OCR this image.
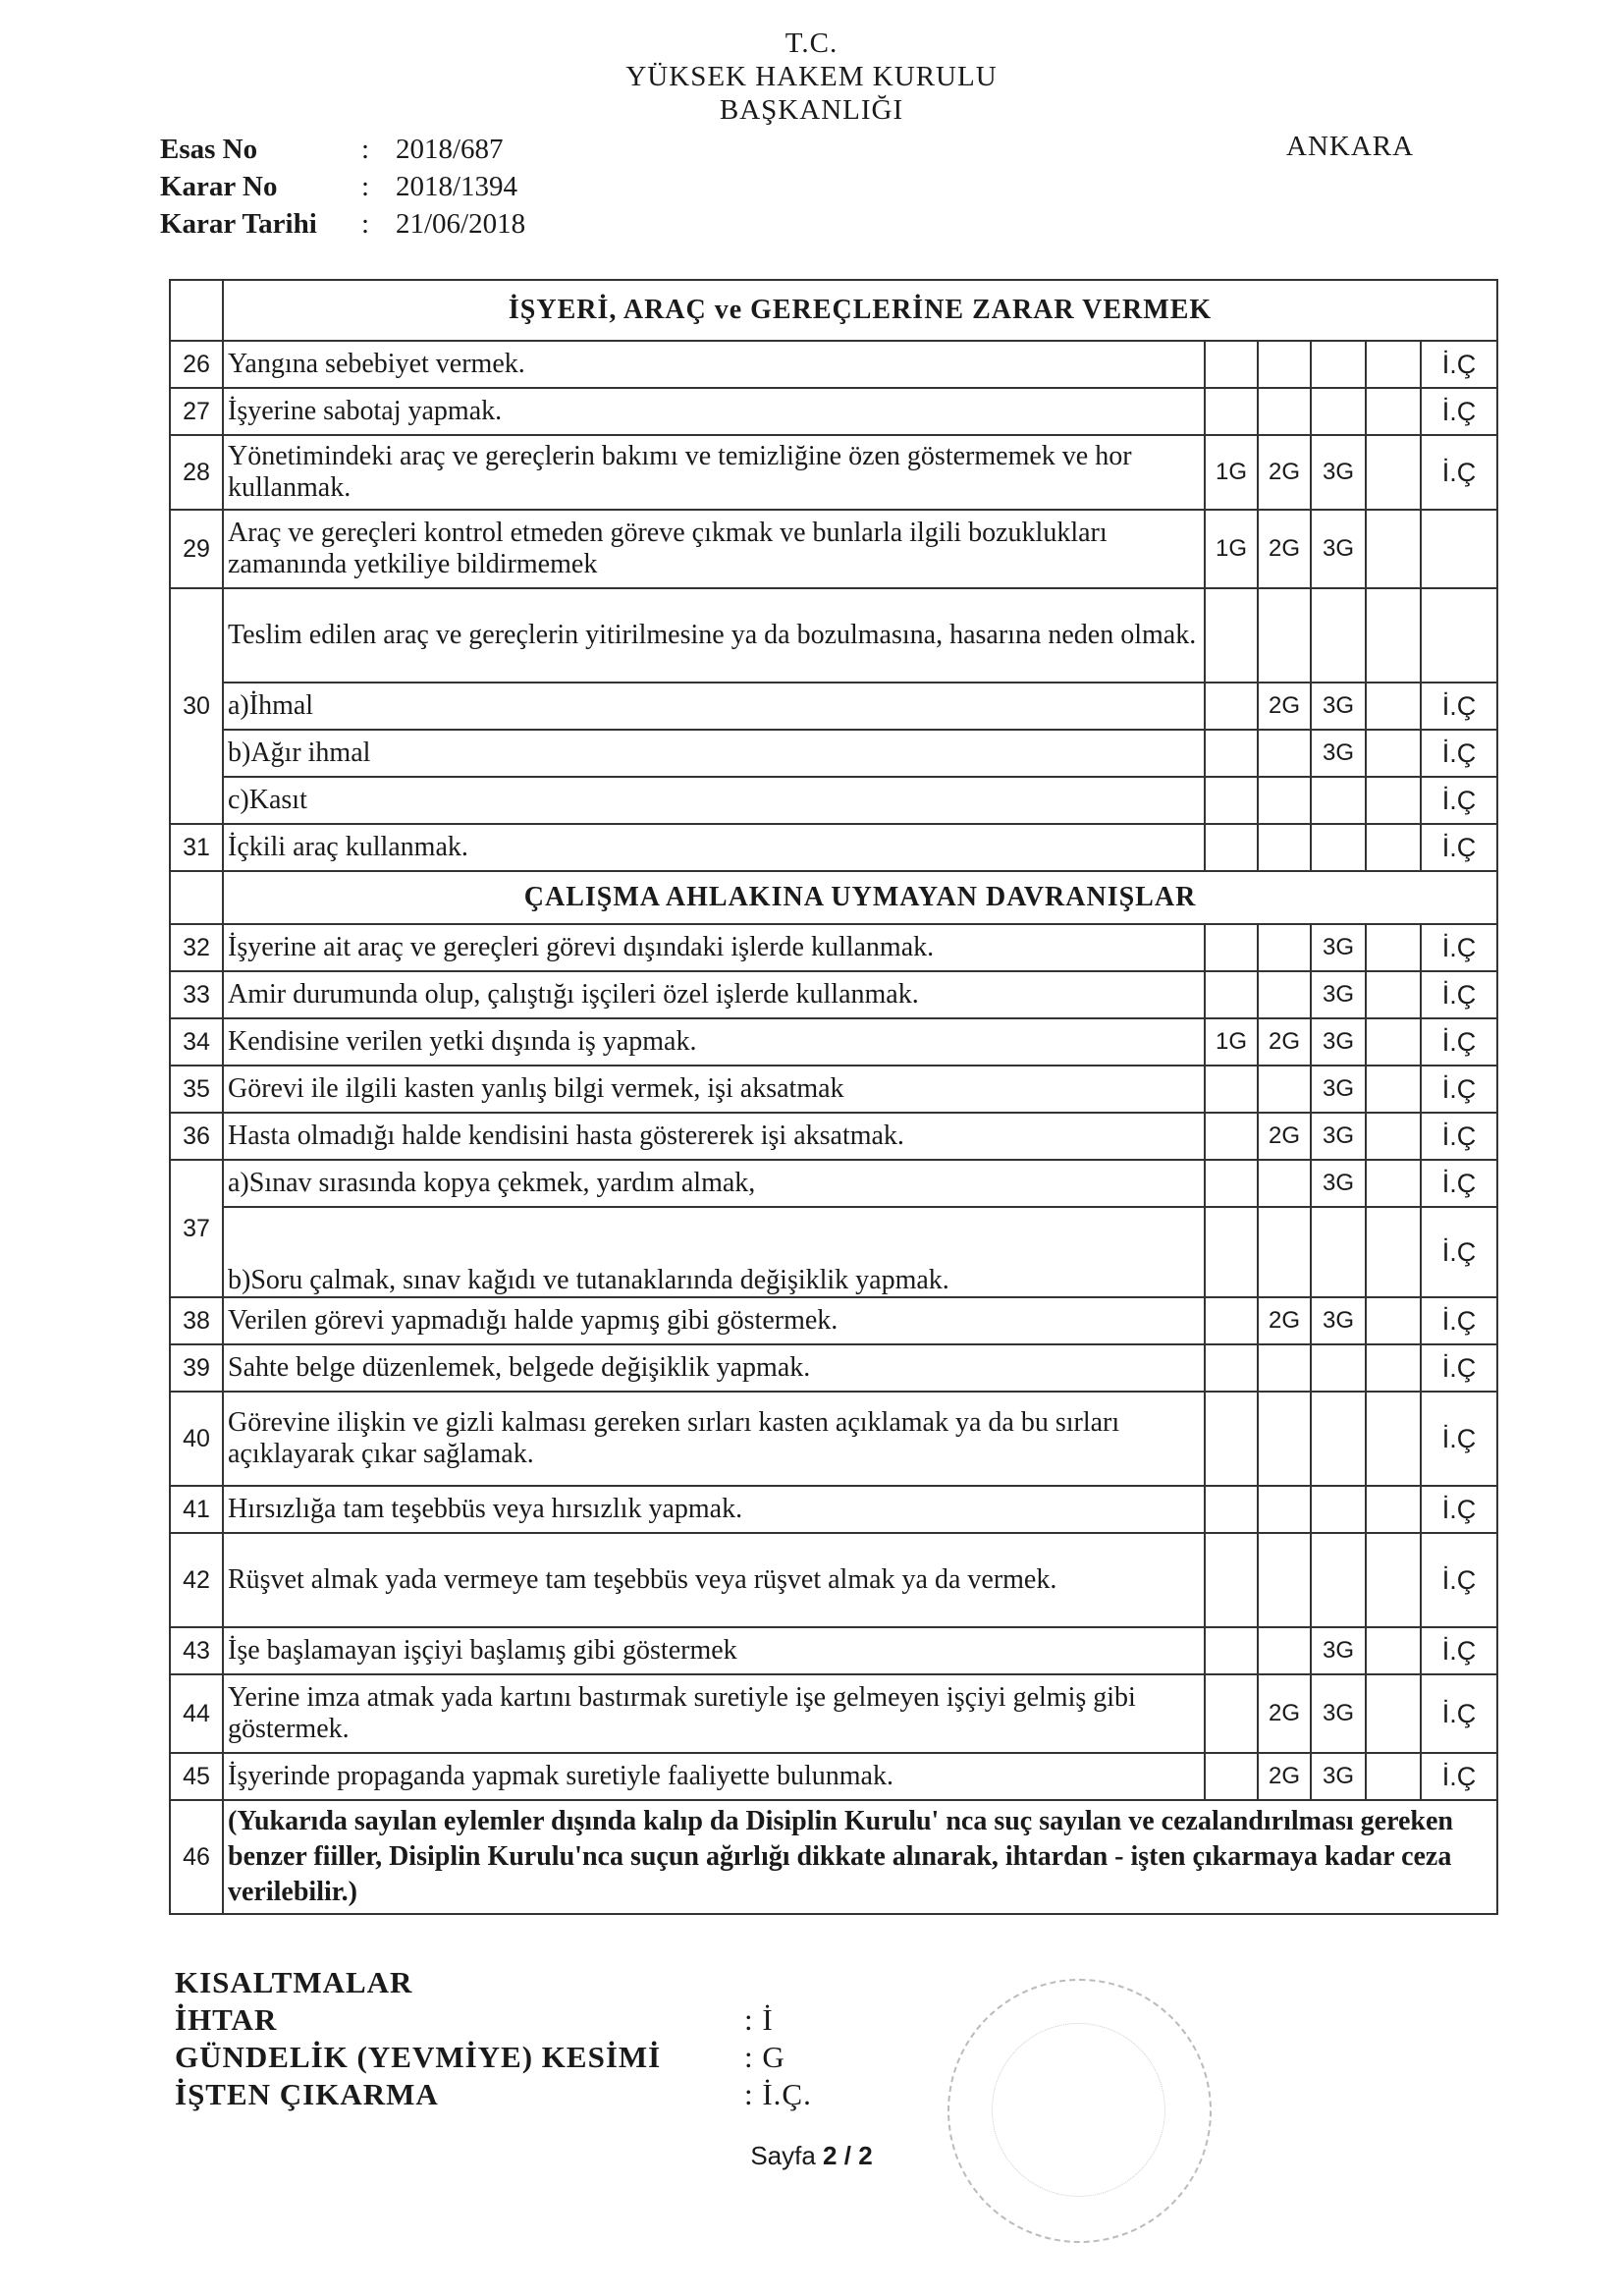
T.C.
YÜKSEK HAKEM KURULU
BAŞKANLIĞI
Esas No	: 2018/687
Karar No	: 2018/1394
Karar Tarihi	: 21/06/2018
ANKARA
	İŞYERİ, ARAÇ ve GEREÇLERİNE ZARAR VERMEK					
26	Yangına sebebiyet vermek.					İ.Ç
27	İşyerine sabotaj yapmak.					İ.Ç
28	Yönetimindeki araç ve gereçlerin bakımı ve temizliğine özen göstermemek ve hor kullanmak.	1G	2G	3G		İ.Ç
29	Araç ve gereçleri kontrol etmeden göreve çıkmak ve bunlarla ilgili bozuklukları zamanında yetkiliye bildirmemek	1G	2G	3G		
30	Teslim edilen araç ve gereçlerin yitirilmesine ya da bozulmasına, hasarına neden olmak.					
	a)İhmal		2G	3G		İ.Ç
	b)Ağır ihmal			3G		İ.Ç
	c)Kasıt					İ.Ç
31	İçkili araç kullanmak.					İ.Ç
	ÇALIŞMA AHLAKINA UYMAYAN DAVRANIŞLAR					
32	İşyerine ait araç ve gereçleri görevi dışındaki işlerde kullanmak.			3G		İ.Ç
33	Amir durumunda olup, çalıştığı işçileri özel işlerde kullanmak.			3G		İ.Ç
34	Kendisine verilen yetki dışında iş yapmak.	1G	2G	3G		İ.Ç
35	Görevi ile ilgili kasten yanlış bilgi vermek, işi aksatmak			3G		İ.Ç
36	Hasta olmadığı halde kendisini hasta göstererek işi aksatmak.		2G	3G		İ.Ç
37	a)Sınav sırasında kopya çekmek, yardım almak,			3G		İ.Ç
	b)Soru çalmak, sınav kağıdı ve tutanaklarında değişiklik yapmak.					İ.Ç
38	Verilen görevi yapmadığı halde yapmış gibi göstermek.		2G	3G		İ.Ç
39	Sahte belge düzenlemek, belgede değişiklik yapmak.					İ.Ç
40	Görevine ilişkin ve gizli kalması gereken sırları kasten açıklamak ya da bu sırları açıklayarak çıkar sağlamak.					İ.Ç
41	Hırsızlığa tam teşebbüs veya hırsızlık yapmak.					İ.Ç
42	Rüşvet almak yada vermeye tam teşebbüs veya rüşvet almak ya da vermek.					İ.Ç
43	İşe başlamayan işçiyi başlamış gibi göstermek			3G		İ.Ç
44	Yerine imza atmak yada kartını bastırmak suretiyle işe gelmeyen işçiyi gelmiş gibi göstermek.		2G	3G		İ.Ç
45	İşyerinde propaganda yapmak suretiyle faaliyette bulunmak.		2G	3G		İ.Ç
46	(Yukarıda sayılan eylemler dışında kalıp da Disiplin Kurulu' nca suç sayılan ve cezalandırılması gereken benzer fiiller, Disiplin Kurulu'nca suçun ağırlığı dikkate alınarak, ihtardan - işten çıkarmaya kadar ceza verilebilir.)					
KISALTMALAR
İHTAR	: İ
GÜNDELİK (YEVMİYE) KESİMİ	: G
İŞTEN ÇIKARMA	: İ.Ç.
Sayfa 2 / 2
